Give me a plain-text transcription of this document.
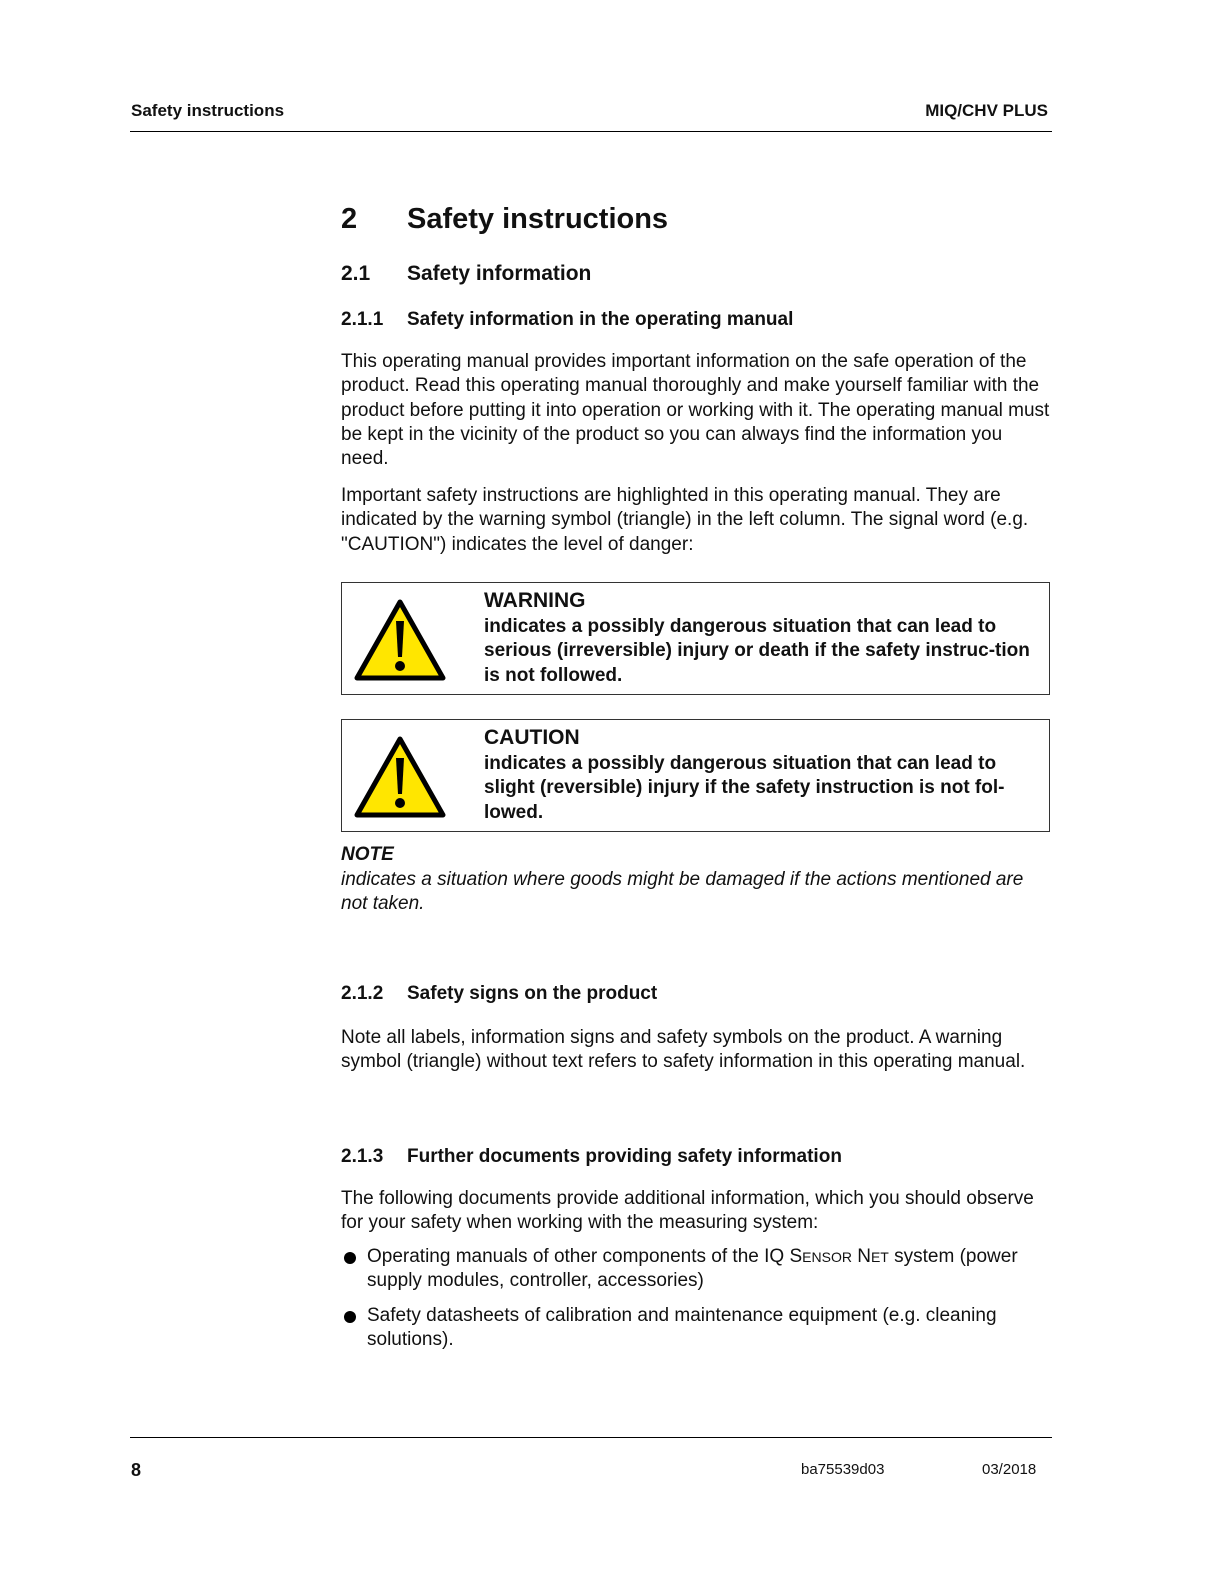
Safety instructions	MIQ/CHV PLUS
2 Safety instructions
2.1 Safety information
2.1.1 Safety information in the operating manual
This operating manual provides important information on the safe operation of the product. Read this operating manual thoroughly and make yourself familiar with the product before putting it into operation or working with it. The operating manual must be kept in the vicinity of the product so you can always find the information you need.
Important safety instructions are highlighted in this operating manual. They are indicated by the warning symbol (triangle) in the left column. The signal word (e.g. "CAUTION") indicates the level of danger:
WARNING
indicates a possibly dangerous situation that can lead to serious (irreversible) injury or death if the safety instruc-tion is not followed.
CAUTION
indicates a possibly dangerous situation that can lead to slight (reversible) injury if the safety instruction is not fol-lowed.
NOTE
indicates a situation where goods might be damaged if the actions mentioned are not taken.
2.1.2 Safety signs on the product
Note all labels, information signs and safety symbols on the product. A warning symbol (triangle) without text refers to safety information in this operating manual.
2.1.3 Further documents providing safety information
The following documents provide additional information, which you should observe for your safety when working with the measuring system:
Operating manuals of other components of the IQ SENSOR NET system (power supply modules, controller, accessories)
Safety datasheets of calibration and maintenance equipment (e.g. cleaning solutions).
8	ba75539d03	03/2018
